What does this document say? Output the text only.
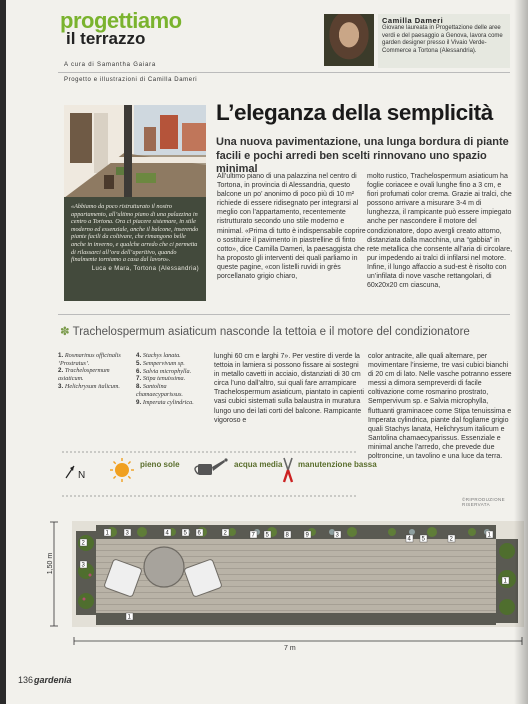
progettiamo
il terrazzo
Camilla Dameri
Giovane laureata in Progettazione delle aree verdi e del paesaggio a Genova, lavora come garden designer presso il Vivaio Verde-Commerce a Tortona (Alessandria).
A cura di Samantha Gaiara
Progetto e illustrazioni di Camilla Dameri
«Abbiamo da poco ristrutturato il nostro appartamento, all’ultimo piano di una palazzina in centro a Tortona. Ora ci piacere sistemare, in stile moderno ed essenziale, anche il balcone, inserendo piante facili da coltivare, che rimangono belle anche in inverno, e qualche arredo che ci permetta di rilassarci all’ora dell’aperitivo, quando finalmente torniamo a casa dal lavoro».
Luca e Mara, Tortona (Alessandria)
L’eleganza della semplicità
Una nuova pavimentazione, una lunga bordura di piante facili e pochi arredi ben scelti rinnovano uno spazio minimal
All’ultimo piano di una palazzina nel centro di Tortona, in provincia di Alessandria, questo balcone un po’ anonimo di poco più di 10 m² richiede di essere ridisegnato per integrarsi al meglio con l’appartamento, recentemente ristrutturato secondo uno stile moderno e minimal. «Prima di tutto è indispensabile coprire o sostituire il pavimento in piastrelline di finto cotto», dice Camilla Dameri, la paesaggista che ha proposto gli interventi dei quali parliamo in queste pagine, «con listelli ruvidi in grès porcellanato grigio chiaro,
molto rustico, Trachelospermum asiaticum ha foglie coriacee e ovali lunghe fino a 3 cm, e fiori profumati color crema. Grazie ai tralci, che possono arrivare a misurare 3-4 m di lunghezza, il rampicante può essere impiegato anche per nascondere il motore del condizionatore, dopo avergli creato attorno, distanziata dalla macchina, una “gabbia” in rete metallica che consente all’aria di circolare, pur impedendo ai tralci di infilarsi nel motore. Infine, il lungo affaccio a sud-est è risolto con un’infilata di nove vasche rettangolari, di 60x20x20 cm ciascuna,
✽ Trachelospermum asiaticum nasconde la tettoia e il motore del condizionatore
1. Rosmarinus officinalis ‘Prostratus’.
2. Trachelospermum asiaticum.
3. Helichrysum italicum.
4. Stachys lanata.
5. Sempervivum sp.
6. Salvia microphylla.
7. Stipa tenuissima.
8. Santolina chamaecyparissus.
9. Imperata cylindrica.
lunghi 60 cm e larghi 7». Per vestire di verde la tettoia in lamiera si possono fissare ai sostegni in metallo cavetti in acciaio, distanziati di 30 cm circa l’uno dall’altro, sui quali fare arrampicare Trachelospermum asiaticum, piantato in capienti vasi cubici sistemati sulla balaustra in muratura lungo uno dei lati corti del balcone. Rampicante vigoroso e
color antracite, alle quali alternare, per movimentare l’insieme, tre vasi cubici bianchi di 20 cm di lato. Nelle vasche potranno essere messi a dimora sempreverdi di facile coltivazione come rosmarino prostrato, Sempervivum sp. e Salvia microphylla, fluttuanti graminacee come Stipa tenuissima e Imperata cylindrica, piante dal fogliame grigio quali Stachys lanata, Helichrysum italicum e Santolina chamaecyparissus. Essenziale e minimal anche l’arredo, che prevede due poltroncine, un tavolino e una luce da terra.
N
pieno sole	acqua media manutenzione bassa
©RIPRODUZIONE RISERVATA
1,50 m
1	3	4 5 6	2	7 5	8	9	3
4 5	2
1
2
3
1
1
7 m
136 gardenia
